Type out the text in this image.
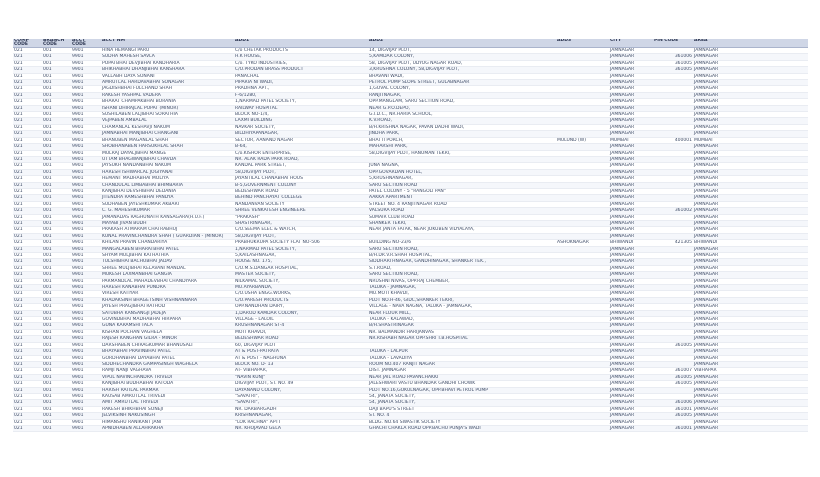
COMP CODE	BRANCH CODE	ACCT CODE	ACCT NM	ADD1	ADD2	ADD3	CITY	PIN CODE	AREA
021	001	9901	HINA HEMANGI PARU	C/o CHETAK PRODUCTS	14, DIGVIJAY PLOT,		JAMNAGAR		JAMNAGAR
021	001	9901	SUDHA MAHESH SAVLA	H.K HOUSE,	5,KAMDAR COLONY,		JAMNAGAR	361006	JAMNAGAR
021	001	9901	POPATBHAI DEVJIBHAI KANDHARIA	C/o. TYKO INDUSTRIES,	58, DIGVIJAY PLOT, UDYOG NAGAR ROAD,		JAMNAGAR	361005	JAMNAGAR
021	001	9901	BHIKHABHAI DHANJIBHAI KANSHARA	C/O.PRODAN BRASS PRODUCT	3,KRUSHNA COLONY, 58,DIGVIJAY PLOT,		JAMNAGAR	361005	JAMNAGAR
021	001	9901	VALLABH DAYA SONANI	PANACHAL	BHAVANI WADI,		JAMNAGAR		JAMNAGAR
021	001	9901	AMRUTLAL HARDAVABHAI SONAGAR	PIPARIA NI WADI,	PETROL PUMP SLOPE STREET, GULABNAGAR		JAMNAGAR		JAMNAGAR
021	001	9901	JAGDISHBHAI FULCHAND SHAH	PRADHNA APT.,	1,GOVAL COLONY,		JAMNAGAR		JAMNAGAR
021	001	9901	RAKESH YASHPAL VADERA	F-6/1280,	RANJITNAGAR,		JAMNAGAR		JAMNAGAR
021	001	9901	BHARAT CHAMPAKBHAI BORANIA	1,NARMAD PATEL SOCIETY,	OPP.MANGLAM, SARU SECTION ROAD,		JAMNAGAR		JAMNAGAR
021	001	9901	ISHANI DHIRAJLAL POPAT (MINOR)	RAILWAY HOSPITAL	NEAR G.P.O.DEPO,		JAMNAGAR		JAMNAGAR
021	001	9901	SUSHILABEN LALJIBHAI SORATHIA	BLOCK NO-1/4,	G.I.D.C., NR.HARIA SCHOOL,		JAMNAGAR		JAMNAGAR
021	001	9901	VEJPABEN AMBALAL	LAXMI BUILDING	K.V.ROAD,		JAMNAGAR		JAMNAGAR
021	001	9901	CHAMANLAL KESHAVJI NAKUM	NAVKAR SOCIETY,	B/H.KRISHNA NAGAR, PAVAN DADHI WADI,		JAMNAGAR		JAMNAGAR
021	001	9901	JAMNABHAI MANJIBHAI CHANGANI	BILDHIYAPANAGAR,	JINDHA PARK,		JAMNAGAR		JAMNAGAR
021	001	9901	BHANUBEN MAGANLAL SHAH	SECTOR, AANAND NAGAR	BHATTI PORCH,	MULUND (W)	MUMBAI	400001	MUMBAI
021	001	9901	SHOBHANABEN HARSUKHLAL SHAH	B-64,	MAHARSHI PARK,		JAMNAGAR		JAMNAGAR
021	001	9901	MULRAJ DAYALJIBHAI MANGE	C/o.KISHOR ENTERPRISE,	58,DIGVIJAY PLOT, HANUMAN TEKRI,		JAMNAGAR		JAMNAGAR
021	001	9901	UTTAM BHAGWANJIBHAI CHAVDA	NR. ALAK RADA PARK ROAD,			JAMNAGAR		JAMNAGAR
021	001	9901	JAYSUKH NANDANBHAI NAKUM	KANDAL PARK STREET,	JUNA NAGNA,		JAMNAGAR		JAMNAGAR
021	001	9901	HARESH ISHWARLAL JOGIYANAI	58,DIGVIJAY PLOT,	OPP.GOVARDAN HOTEL,		JAMNAGAR		JAMNAGAR
021	001	9901	HEMANT MADHABHAI MOLIYA	JAYANTILAL CHANABHAI HOUS	5,KRUSHNANAGAR,		JAMNAGAR		JAMNAGAR
021	001	9901	CHANDULAL LIMBABHAI BHIMBARIA	B-5,GOVERNMENT COLONY	SARU SECTION ROAD		JAMNAGAR		JAMNAGAR
021	001	9901	KANJIBHAI DEVSHIBHAI DEDANIA	BEDESHWAR ROAD	PATEL COLONY - 5 "RANGOLI PAN"		JAMNAGAR		JAMNAGAR
021	001	9901	JITENDRA RAMESHBHAI PANDYA	BEHIND PANCHAYAT COLLEGE	AAKKA APARTMENT		JAMNAGAR		JAMNAGAR
021	001	9901	SUDHABEN JAYESHKUMAR AKBARI	NANDANVAN SOCIETY	STREET NO. 4 RANJITNAGAR ROAD		JAMNAGAR		JAMNAGAR
021	001	9901	C. G. MAHESHKUMAR	SHREE VENKATESH ENGINEERE	VALSURA ROAD		JAMNAGAR	361002	JAMNAGAR
021	001	9901	JAMANADAS RAGHUNATH KANSAGARA(H.U.F.)	"PRAKASH"	SUMAIR CLUB ROAD		JAMNAGAR		JAMNAGAR
021	001	9901	MAYABI JIVAN BUDH	SHASTRINAGAR,	SHANKER TEKRI,		JAMNAGAR		JAMNAGAR
021	001	9901	PRAKASH ATMARAM CHATRABHUJ	C/O.SEEMA ELEC & WATCH,	NEAR JANTA FATAK, NEAR JOKUBEN VIDYALAYA,		JAMNAGAR		JAMNAGAR
021	001	9901	KUNAL PRAVINCHANDRA SHAH ( GUARDIAN - [MINOR]	58,DIGVIJAY PLOT,			JAMNAGAR		JAMNAGAR
021	001	9901	KHILAN PRAVIN CHANDARIYA	PRABHUKRUPA SOCIETY FLAT NO-506	BUILDING NO-23/6	ASHOKNAGAR	BHIWANDI	421305	BHIWANDI
021	001	9901	MANGALABEN BHARATBHAI PATEL	1,NARMAD PATEL SOCIETY,	SARU SECTION ROAD,		JAMNAGAR		JAMNAGAR
021	001	9901	SHYAM MULJIBHAI KATHATHIA	5,KAILASHNAGAR,	B/H.DR.V.R.SHAH HOSPITAL,		JAMNAGAR		JAMNAGAR
021	001	9901	TULSHIBHAI BACHUBHAI JADAV	HOUSE NO. 175,	SIDDHARTHNAGAR, GANDHINAGAR, SHANKER TEK.,		JAMNAGAR		JAMNAGAR
021	001	9901	SHREE MULJIBHAI KELAVANI MANDAL	C/O.M.S.DANGAR HOSPITAL,	S.T.ROAD,		JAMNAGAR		JAMNAGAR
021	001	9901	MUKESH LAXMANBHAI GANGIA	MASTER SOCIETY,	SARU SECTION ROAD,		JAMNAGAR		JAMNAGAR
021	001	9901	PARMANDLAL MAHADEVBHAI CHANDYARA	NILKAMAL SOCIETY,	NRUSHNI NIVAS, OPP.RAJ CHEMBER,		JAMNAGAR		JAMNAGAR
021	001	9901	HARESH KANABHAI PUNDRA	MU.AYARBANDA,	TALUKA - JAMNAGAR,		JAMNAGAR		JAMNAGAR
021	001	9901	VIRESH KATIYAR	C/O.USHA ENGG.WORKS,	MU.MOTI KHAVDI,		JAMNAGAR		JAMNAGAR
021	001	9901	KHADAKSINH BHAGETSINH VISHNANNARA	C/O.PARESH PRODUCTS	PLOT NO.H-46, GIDC,SHANKER TEKRI,		JAMNAGAR		JAMNAGAR
021	001	9901	JAYESH PRAGJIBHAI RATHOD	OPP.NANDHAN DAIRY,	VILLAGE - NAVA NAGNA, TALUKA - JAMNAGAR,		JAMNAGAR		JAMNAGAR
021	001	9901	SATUBHA KANSANGJI JADEJA	1,DAROD KAMDAR COLONY,	NEAR FLOUR MILL,		JAMNAGAR		JAMNAGAR
021	001	9901	GOVINDBHAI MADHABHAI HIRPARA	VILLAGE - LALOIL	TALUKA - KALAWAD,		JAMNAGAR		JAMNAGAR
021	001	9901	GUNA KARAMSHI TALA	KRUSHNANAGAR ST-4	B/H.SHASTRINAGAR		JAMNAGAR		JAMNAGAR
021	001	9901	KISHAN POCHAN VAGHELA	MOTI KHAVDI,	NR. BALMANDIR HARIJANVAS		JAMNAGAR		JAMNAGAR
021	001	9901	RAJESH KANGHAN GILRA - MINOR	BEDESHWAR ROAD	NR.RISHABH NAGAR OPP.SHRI T.B.HOSPITAL		JAMNAGAR		JAMNAGAR
021	001	9901	DARSHABEN CHIRAGKUMAR BHANUSALI	60, DIGVIJAY PLOT			JAMNAGAR	361005	JAMNAGAR
021	001	9901	BHAYABHAI PRAVINBHAI PATEL	AT & POST-PATRATA	TALUKA - LALPUR		JAMNAGAR		JAMNAGAR
021	001	9901	GORDHANBHAI DAYABHAI PATEL	AT & POST - NAGHUNA	TALUKA - LAVADIYA		JAMNAGAR		JAMNAGAR
021	001	9901	SIDDHECHANDRA GAMPASINGH WAGHELA	BLOCK NO. D- 13	ROOM NO.407 RANJIT NAGAR		JAMNAGAR		JAMNAGAR
021	001	9901	RAMJI NANJI VAGHAVA	AT- VIBHAPAR,	DIST. JAMNAGAR		JAMNAGAR	361007	VIBHAPAR
021	001	9901	VIPUL NAVINCHANDRA TRIVEDI	"NAVIN KUNJ"	NEAR JAIL ROAD PAVANCHAKKI		JAMNAGAR	361005	JAMNAGAR
021	001	9901	KANJIBHAI BUDHABHAI KATODA	DIGVIJAY PLOT, ST. NO. 49	JALESHWARI VASTU BHANDAR GANDHI CHOWK		JAMNAGAR	361005	JAMNAGAR
021	001	9901	HARISH RATILAL PARMAR	DAYANAND COLONY,	PLOT NO.16,GOKULNAGAR, OPP.BHAVI PETROL PUMP		JAMNAGAR		JAMNAGAR
021	001	9901	KAUSAB AMRUTLAL TRIVEDI	"SAVATRI",	54, JANATA SOCIETY,		JAMNAGAR		JAMNAGAR
021	001	9901	AMIT AMRUTLAL TRIVEDI	"SAVATRI",	54, JANATA SOCIETY,		JAMNAGAR	361006	JAMNAGAR
021	001	9901	RAKESH BHIKHBHAI SONEJI	NR. DARBARGADH	DAJI BAPU'S STREET		JAMNAGAR	361001	JAMNAGAR
021	001	9901	JELVIKSINH NAKUSINGH	KRISHNANAGAR,	ST. NO. 4		JAMNAGAR	361005	JAMNAGAR
021	001	9901	HIMANSHU RANIKANT JANI	"LOK RACHNA" APTT	BLDG. NO.64 SWASTIK SOCIETY		JAMNAGAR		JAMNAGAR
021	001	9901	APNIDHABEN ALLAHRAKHA	NR. KHOJAVAD GELA	GHACHI CHAKLA ROAD OPP.BACHU PUNJA'S WADI		JAMNAGAR	361001	JAMNAGAR
